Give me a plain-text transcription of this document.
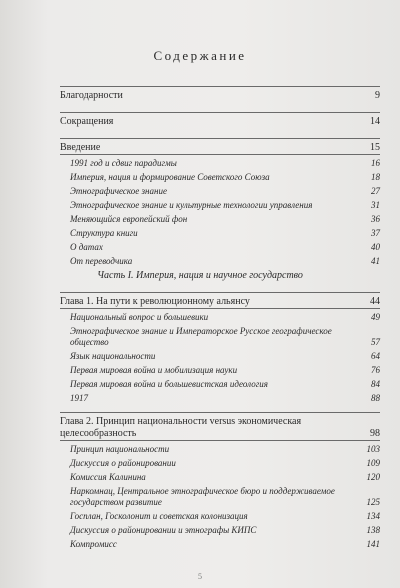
Содержание
Благодарности	9
Сокращения	14
Введение	15
1991 год и сдвиг парадигмы	16
Империя, нация и формирование Советского Союза	18
Этнографическое знание	27
Этнографическое знание и культурные технологии управления	31
Меняющийся европейский фон	36
Структура книги	37
О датах	40
От переводчика	41
Часть I. Империя, нация и научное государство
Глава 1. На пути к революционному альянсу	44
Национальный вопрос и большевики	49
Этнографическое знание и Императорское Русское географическое общество	57
Язык национальности	64
Первая мировая война и мобилизация науки	76
Первая мировая война и большевистская идеология	84
1917	88
Глава 2. Принцип национальности versus экономическая целесообразность	98
Принцип национальности	103
Дискуссия о районировании	109
Комиссия Калинина	120
Наркомнац, Центральное этнографическое бюро и поддерживаемое государством развитие	125
Госплан, Госколонит и советская колонизация	134
Дискуссия о районировании и этнографы КИПС	138
Компромисс	141
5
